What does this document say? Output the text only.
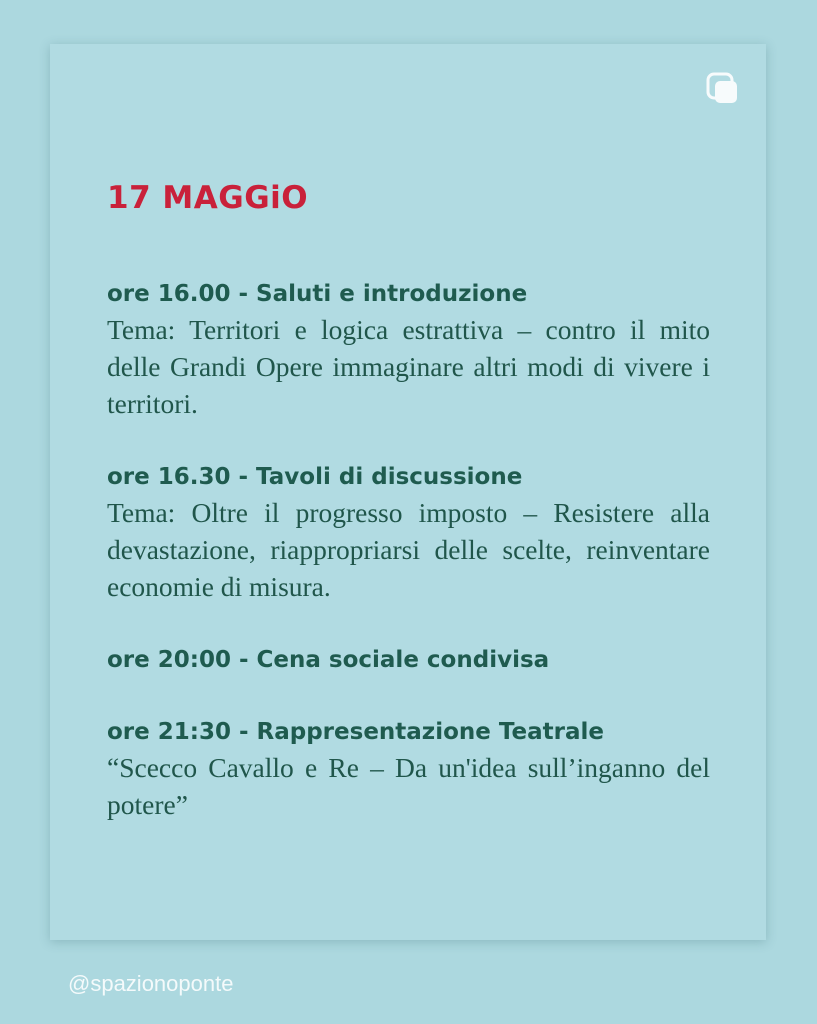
17 MAGGiO
ore 16.00 - Saluti e introduzione
Tema: Territori e logica estrattiva – contro il mito delle Grandi Opere immaginare altri modi di vivere i territori.
ore 16.30 - Tavoli di discussione
Tema: Oltre il progresso imposto – Resistere alla devastazione, riappropriarsi delle scelte, reinventare economie di misura.
ore 20:00 - Cena sociale condivisa
ore 21:30 - Rappresentazione Teatrale
“Scecco Cavallo e Re – Da un'idea sull’inganno del potere”
@spazionoponte
